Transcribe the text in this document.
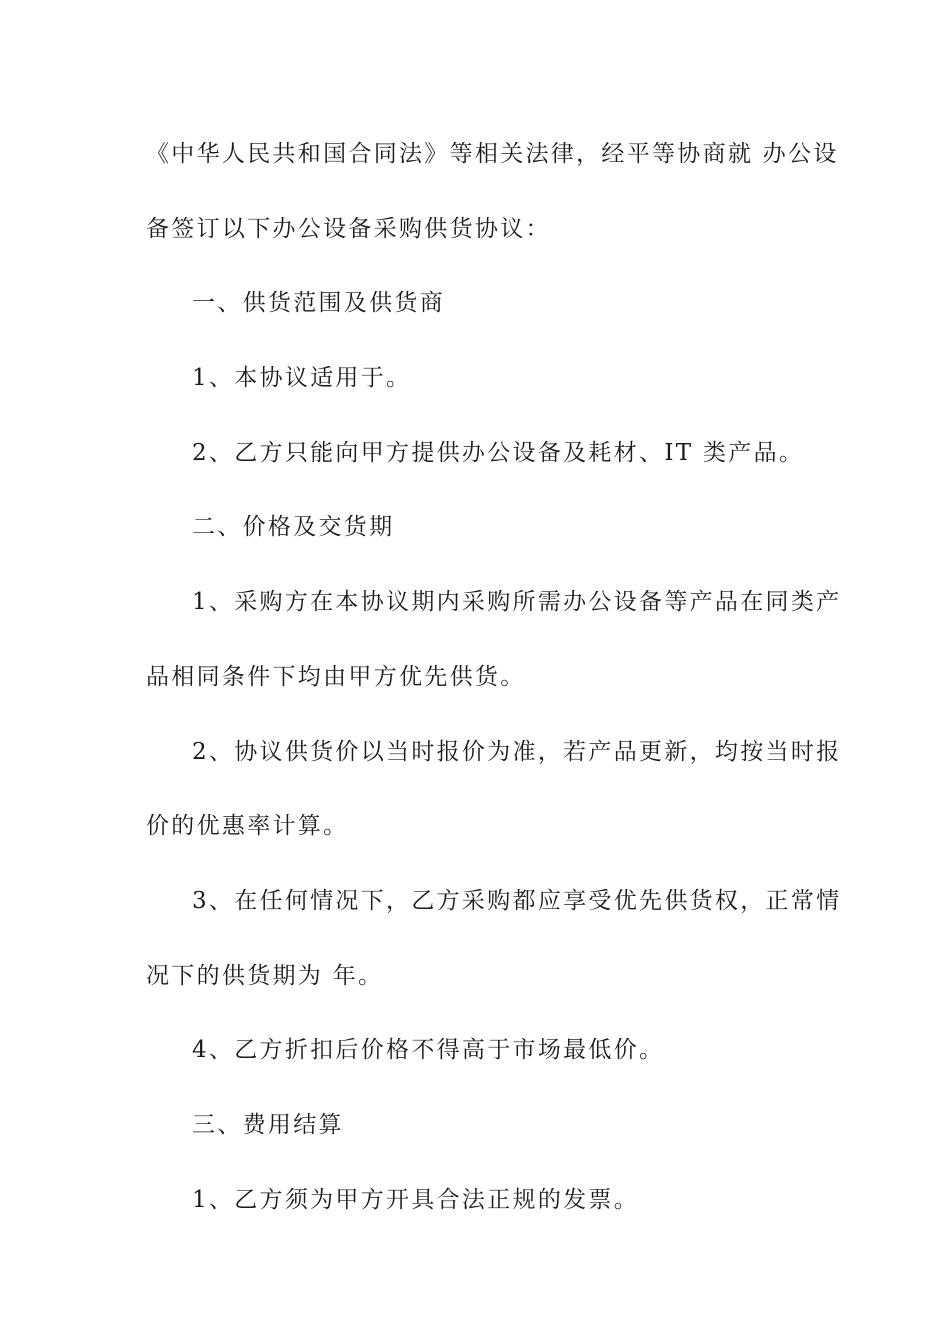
《中华人民共和国合同法》等相关法律，经平等协商就 办公设
备签订以下办公设备采购供货协议：
一、供货范围及供货商
1、本协议适用于。
2、乙方只能向甲方提供办公设备及耗材、IT 类产品。
二、价格及交货期
1、采购方在本协议期内采购所需办公设备等产品在同类产
品相同条件下均由甲方优先供货。
2、协议供货价以当时报价为准，若产品更新，均按当时报
价的优惠率计算。
3、在任何情况下，乙方采购都应享受优先供货权，正常情
况下的供货期为 年。
4、乙方折扣后价格不得高于市场最低价。
三、费用结算
1、乙方须为甲方开具合法正规的发票。
